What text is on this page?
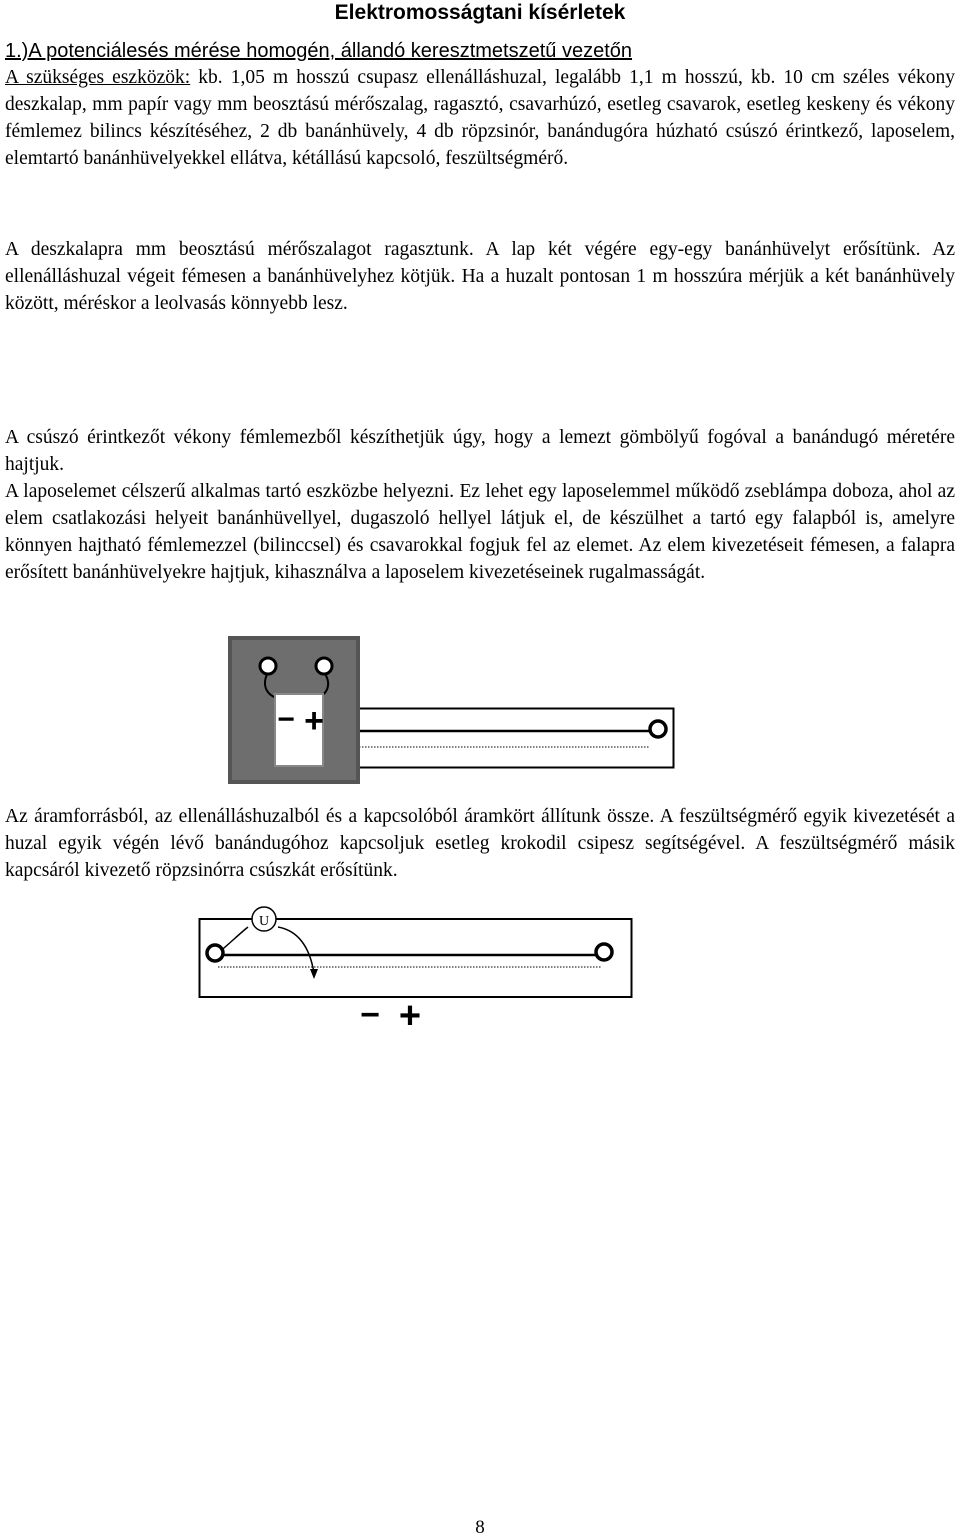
Elektromosságtani kísérletek
1.)A potenciálesés mérése homogén, állandó keresztmetszetű vezetőn

A szükséges eszközök: kb. 1,05 m hosszú csupasz ellenálláshuzal, legalább 1,1 m hosszú, kb. 10 cm széles vékony deszkalap, mm papír vagy mm beosztású mérőszalag, ragasztó, csavarhúzó, esetleg csavarok, esetleg keskeny és vékony fémlemez bilincs készítéséhez, 2 db banánhüvely, 4 db röpzsinór, banándugóra húzható csúszó érintkező, laposelem, elemtartó banánhüvelyekkel ellátva, kétállású kapcsoló, feszültségmérő.

A deszkalapra mm beosztású mérőszalagot ragasztunk. A lap két végére egy-egy banánhüvelyt erősítünk. Az ellenálláshuzal végeit fémesen a banánhüvelyhez kötjük. Ha a huzalt pontosan 1 m hosszúra mérjük a két banánhüvely között, méréskor a leolvasás könnyebb lesz.

A csúszó érintkezőt vékony fémlemezből készíthetjük úgy, hogy a lemezt gömbölyű fogóval a banándugó méretére hajtjuk.

A laposelemet célszerű alkalmas tartó eszközbe helyezni. Ez lehet egy laposelemmel működő zseblámpa doboza, ahol az elem csatlakozási helyeit banánhüvellyel, dugaszoló hellyel látjuk el, de készülhet a tartó egy falapból is, amelyre könnyen hajtható fémlemezzel (bilinccsel) és csavarokkal fogjuk fel az elemet. Az elem kivezetéseit fémesen, a falapra erősített banánhüvelyekre hajtjuk, kihasználva a laposelem kivezetéseinek rugalmasságát.

− +

Az áramforrásból, az ellenálláshuzalból és a kapcsolóból áramkört állítunk össze. A feszültségmérő egyik kivezetését a huzal egyik végén lévő banándugóhoz kapcsoljuk esetleg krokodil csipesz segítségével. A feszültségmérő másik kapcsáról kivezető röpzsinórra csúszkát erősítünk.

U
− +
8
